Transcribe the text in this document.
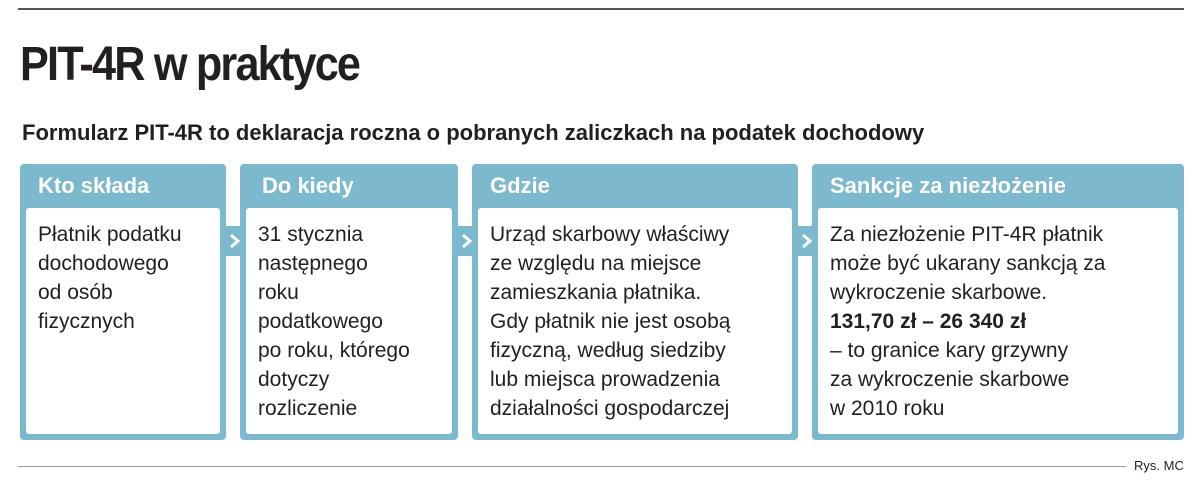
PIT-4R w praktyce

Formularz PIT-4R to deklaracja roczna o pobranych zaliczkach na podatek dochodowy

Kto składa
Płatnik podatku
dochodowego
od osób
fizycznych
Do kiedy
31 stycznia
następnego
roku
podatkowego
po roku, którego
dotyczy
rozliczenie
Gdzie
Urząd skarbowy właściwy
ze względu na miejsce
zamieszkania płatnika.
Gdy płatnik nie jest osobą
fizyczną, według siedziby
lub miejsca prowadzenia
działalności gospodarczej
Sankcje za niezłożenie
Za niezłożenie PIT-4R płatnik
może być ukarany sankcją za
wykroczenie skarbowe.
131,70 zł – 26 340 zł
– to granice kary grzywny
za wykroczenie skarbowe
w 2010 roku
Rys. MC
